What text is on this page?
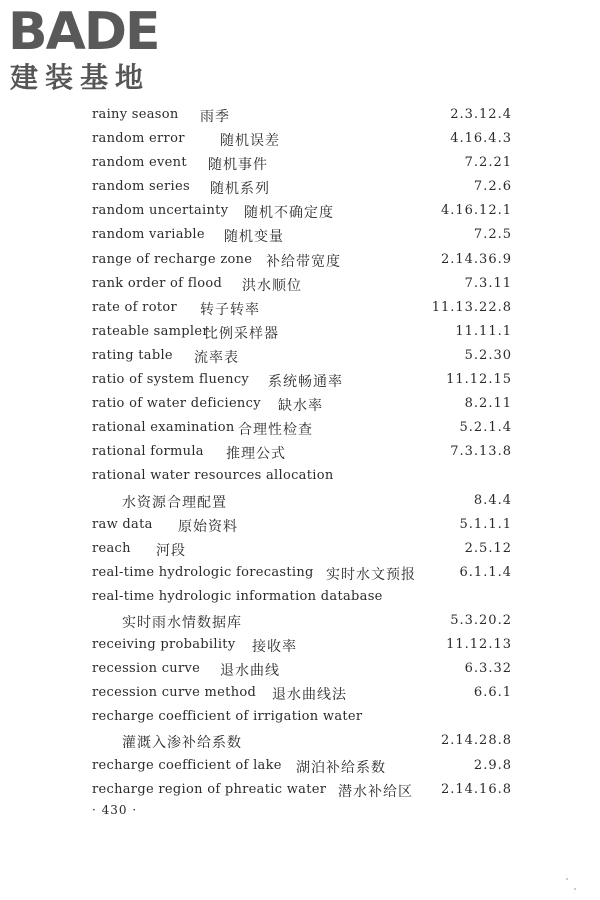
BADE
建装基地
rainy season 雨季	2.3.12.4
random error	随机误差	4.16.4.3
random event 随机事件	7.2.21
random series 随机系列	7.2.6
random uncertainty 随机不确定度	4.16.12.1
random variable 随机变量	7.2.5
range of recharge zone 补给带宽度	2.14.36.9
rank order of flood 洪水顺位	7.3.11
rate of rotor 转子转率	11.13.22.8
rateable sampler
比例采样器	11.11.1
rating table 流率表	5.2.30
ratio of system fluency 系统畅通率	11.12.15
ratio of water deficiency 缺水率	8.2.11
rational examination 合理性检查	5.2.1.4
rational formula 推理公式	7.3.13.8
rational water resources allocation
水资源合理配置	8.4.4
raw data 原始资料	5.1.1.1
reach 河段	2.5.12
real-time hydrologic forecasting 实时水文预报	6.1.1.4
real-time hydrologic information database
实时雨水情数据库	5.3.20.2
receiving probability 接收率	11.12.13
recession curve 退水曲线	6.3.32
recession curve method 退水曲线法	6.6.1
recharge coefficient of irrigation water
灌溉入渗补给系数	2.14.28.8
recharge coefficient of lake 湖泊补给系数	2.9.8
recharge region of phreatic water 潜水补给区 2.14.16.8
· 430 ·
